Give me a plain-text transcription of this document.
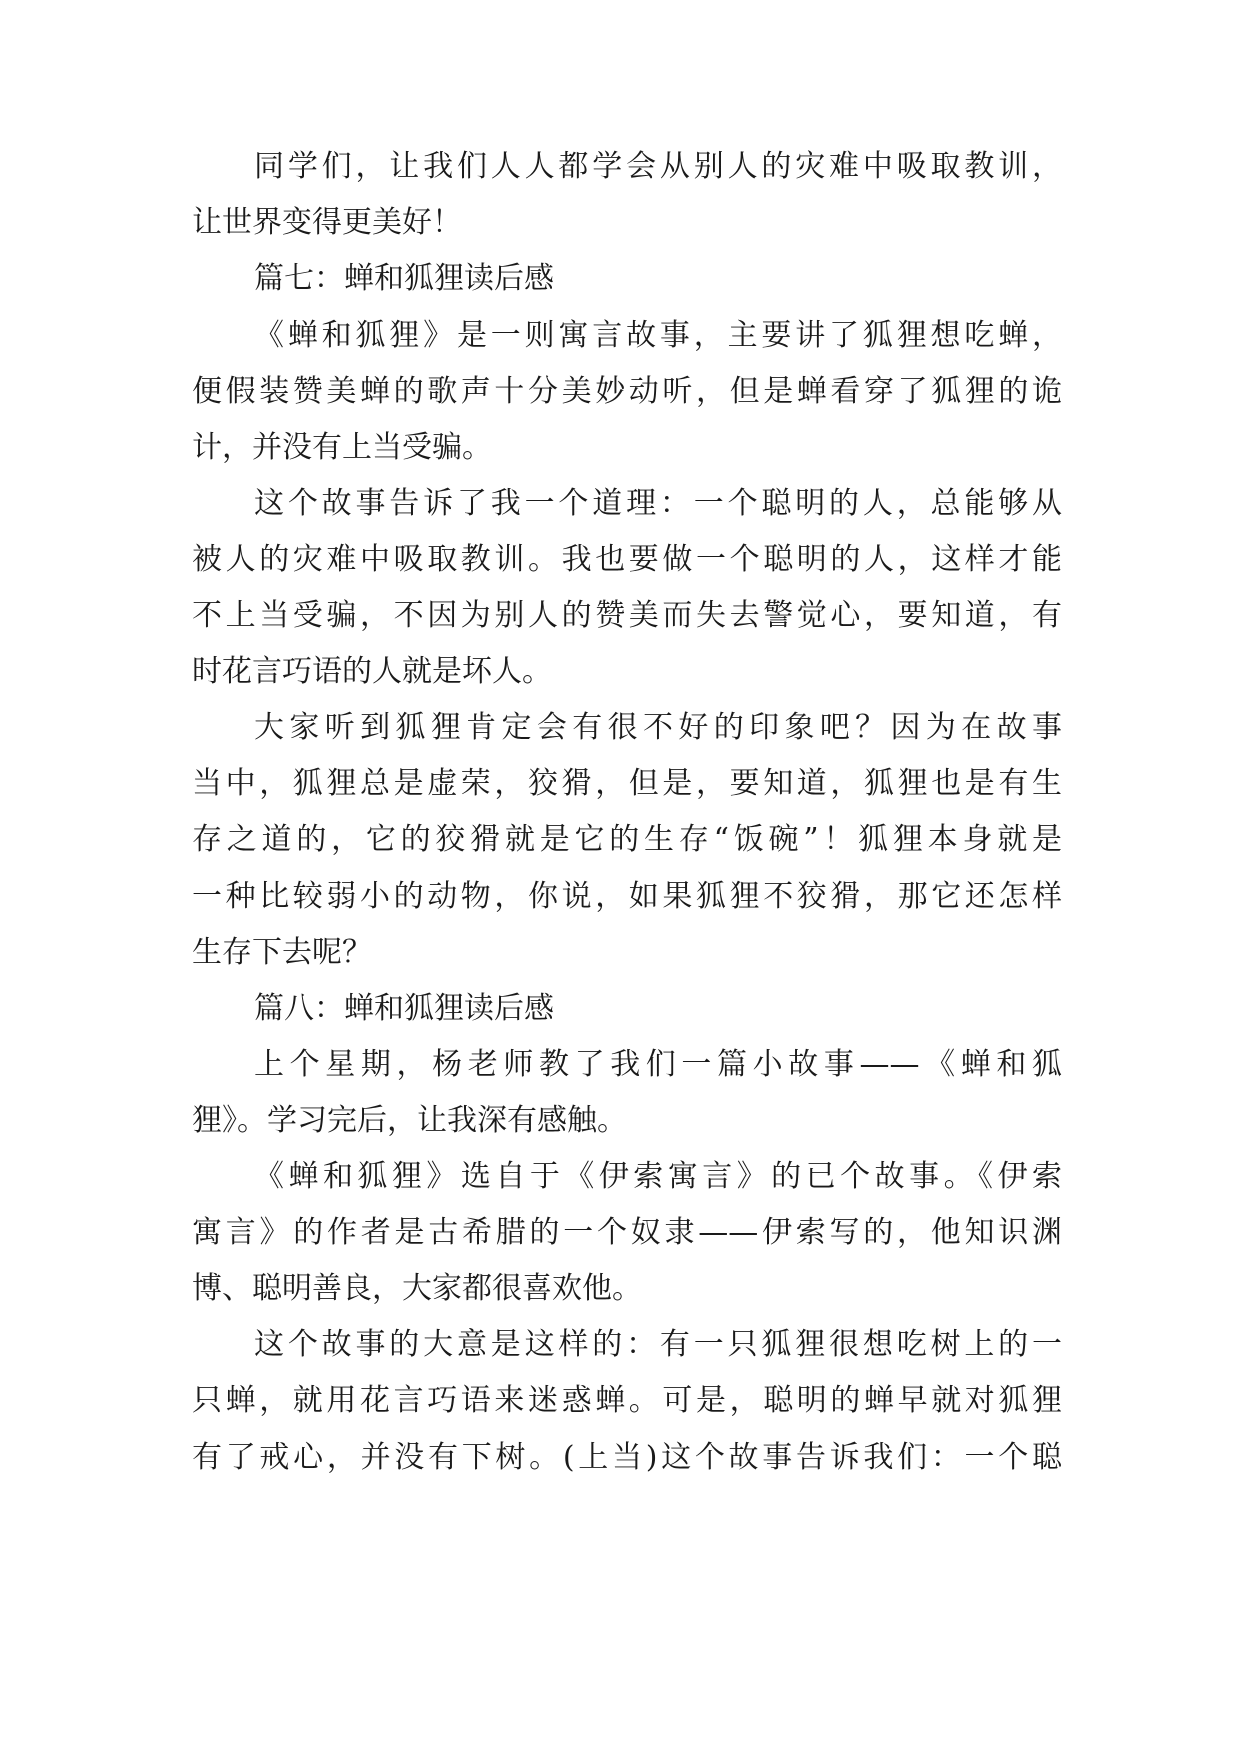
同学们，让我们人人都学会从别人的灾难中吸取教训，
让世界变得更美好！
篇七：蝉和狐狸读后感
《蝉和狐狸》是一则寓言故事，主要讲了狐狸想吃蝉，
便假装赞美蝉的歌声十分美妙动听，但是蝉看穿了狐狸的诡
计，并没有上当受骗。
这个故事告诉了我一个道理：一个聪明的人，总能够从
被人的灾难中吸取教训。我也要做一个聪明的人，这样才能
不上当受骗，不因为别人的赞美而失去警觉心，要知道，有
时花言巧语的人就是坏人。
大家听到狐狸肯定会有很不好的印象吧？因为在故事
当中，狐狸总是虚荣，狡猾，但是，要知道，狐狸也是有生
存之道的，它的狡猾就是它的生存“饭碗”！狐狸本身就是
一种比较弱小的动物，你说，如果狐狸不狡猾，那它还怎样
生存下去呢？
篇八：蝉和狐狸读后感
上个星期，杨老师教了我们一篇小故事——《蝉和狐
狸》。学习完后，让我深有感触。
《蝉和狐狸》选自于《伊索寓言》的已个故事。《伊索
寓言》的作者是古希腊的一个奴隶——伊索写的，他知识渊
博、聪明善良，大家都很喜欢他。
这个故事的大意是这样的：有一只狐狸很想吃树上的一
只蝉，就用花言巧语来迷惑蝉。可是，聪明的蝉早就对狐狸
有了戒心，并没有下树。(上当)这个故事告诉我们：一个聪
